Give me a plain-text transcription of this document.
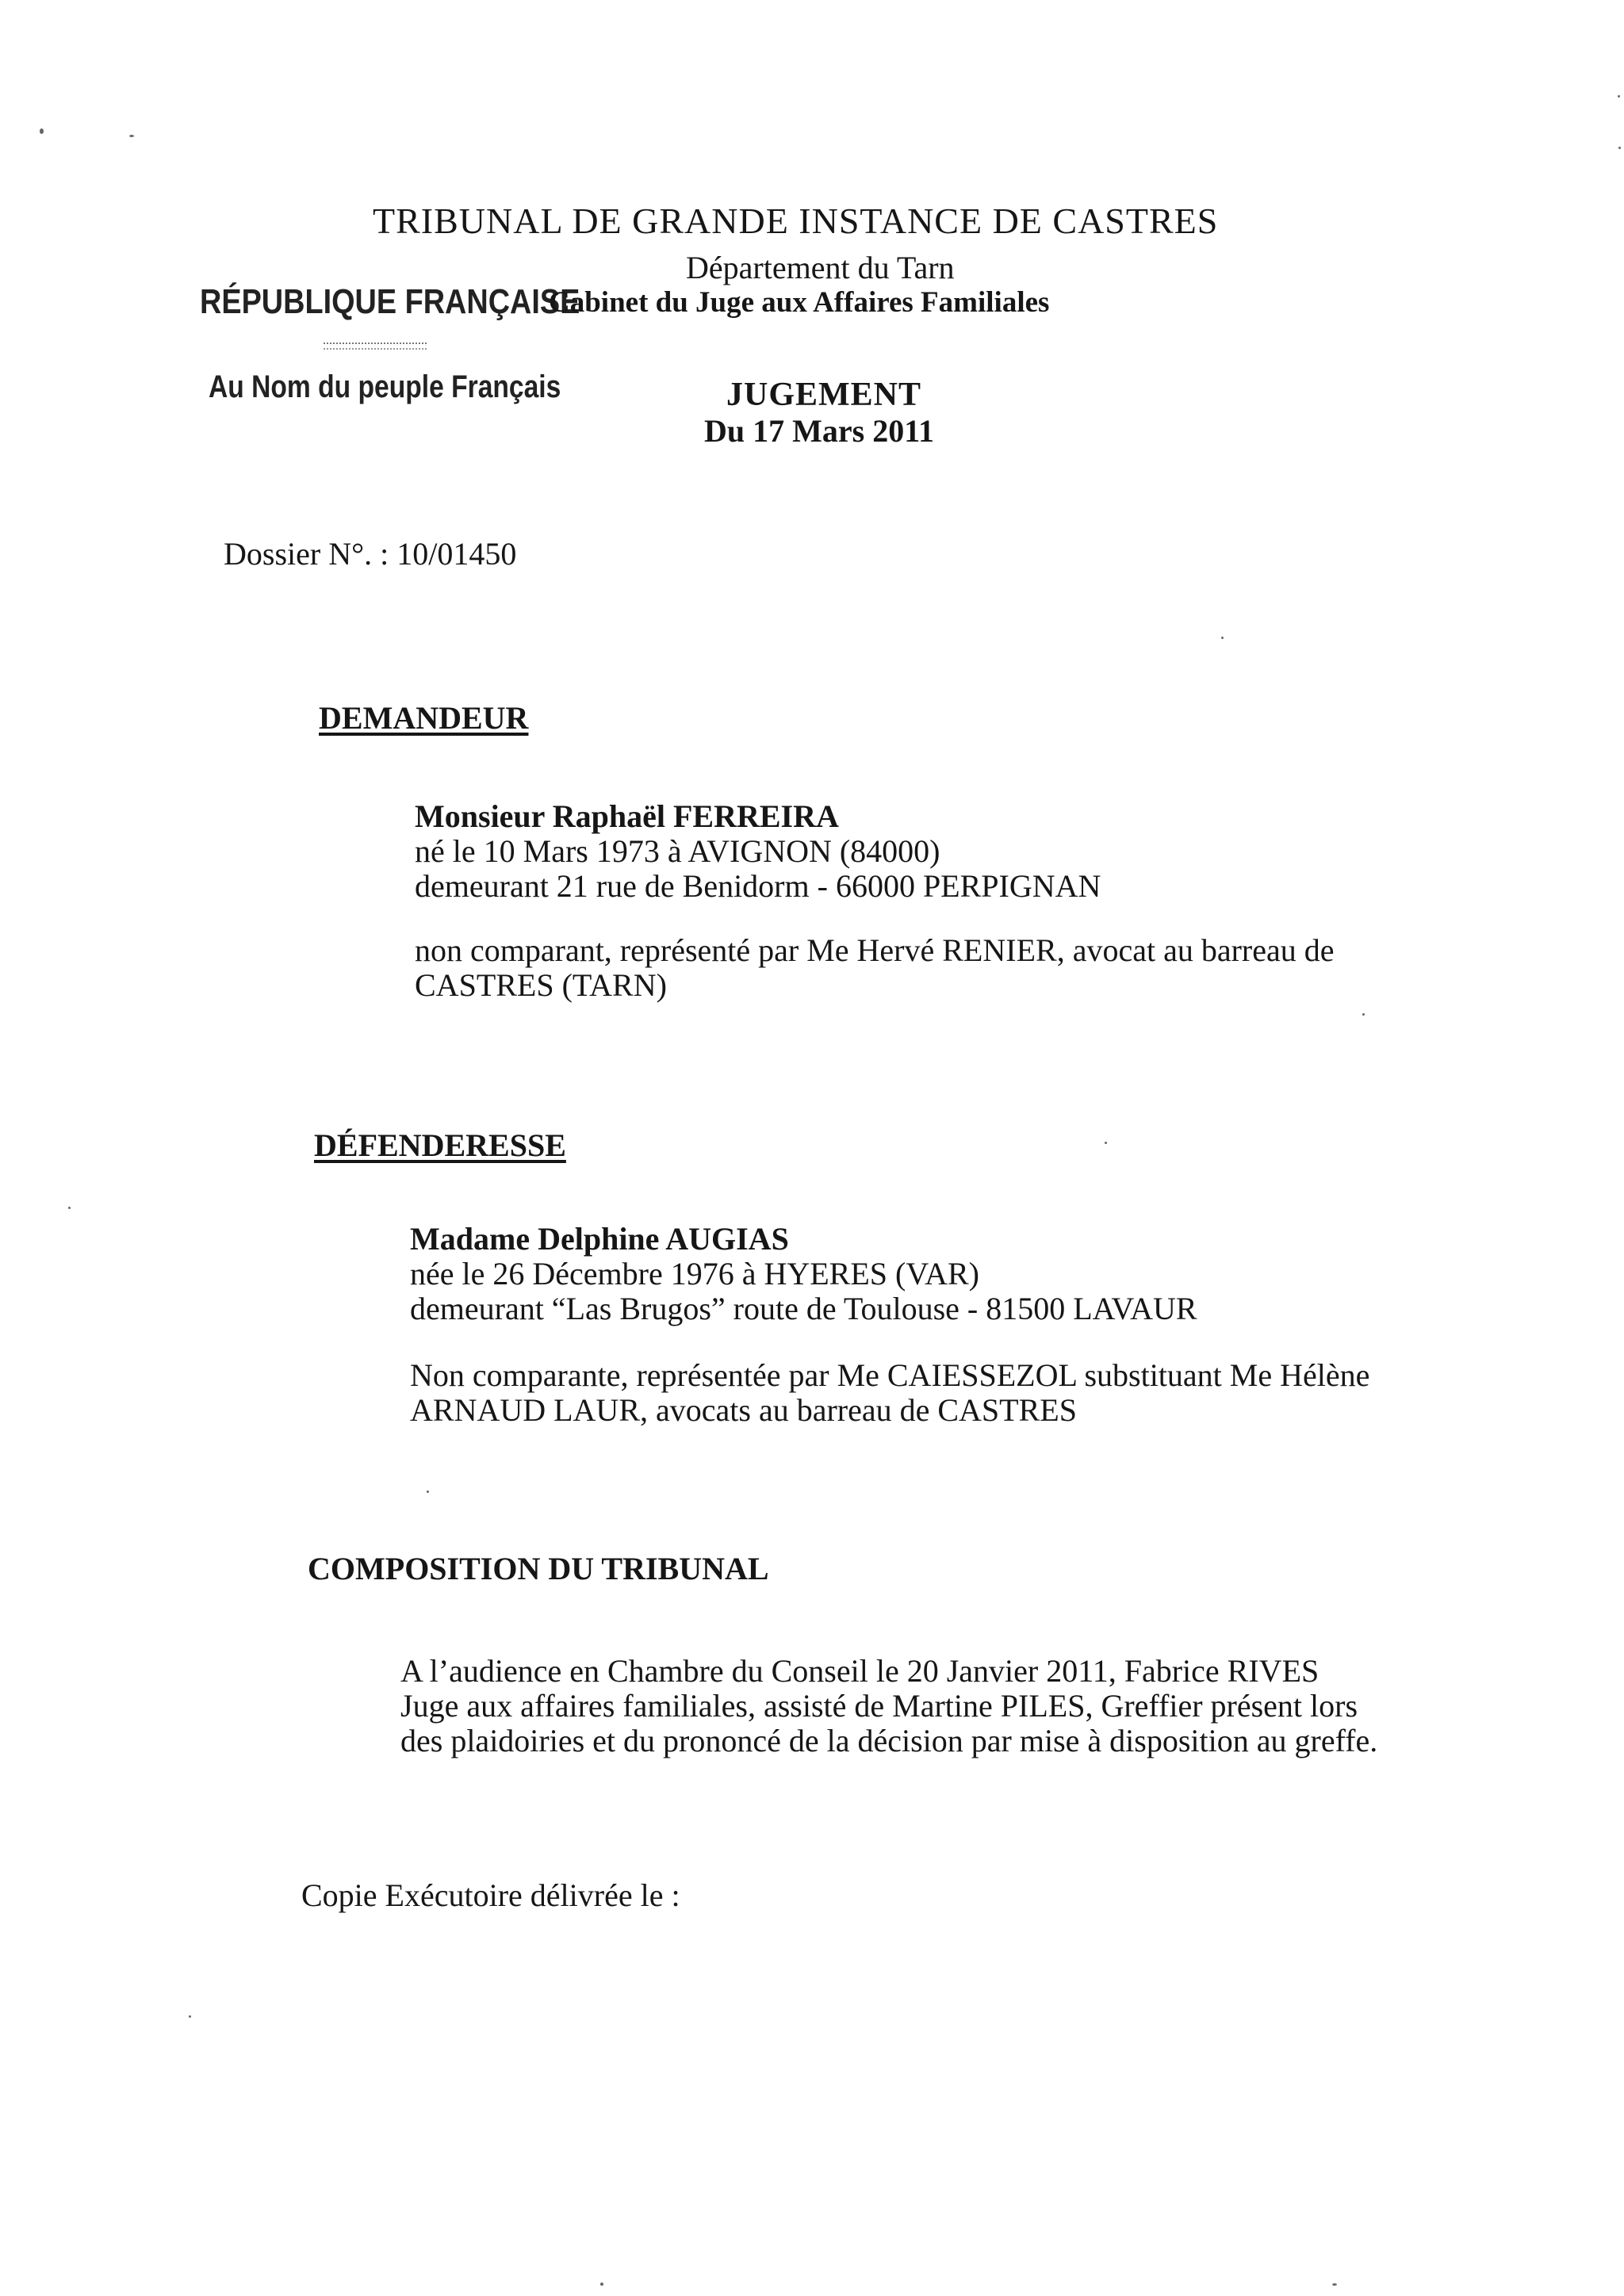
TRIBUNAL DE GRANDE INSTANCE DE CASTRES
Département du Tarn
RÉPUBLIQUE FRANÇAISE
Cabinet du Juge aux Affaires Familiales
Au Nom du peuple Français	JUGEMENT
Du 17 Mars 2011
Dossier N°. : 10/01450
DEMANDEUR
Monsieur Raphaël FERREIRA
né le 10 Mars 1973 à AVIGNON (84000)
demeurant 21 rue de Benidorm - 66000 PERPIGNAN
non comparant, représenté par Me Hervé RENIER, avocat au barreau de
CASTRES (TARN)
DÉFENDERESSE
Madame Delphine AUGIAS
née le 26 Décembre 1976 à HYERES (VAR)
demeurant “Las Brugos” route de Toulouse - 81500 LAVAUR
Non comparante, représentée par Me CAIESSEZOL substituant Me Hélène
ARNAUD LAUR, avocats au barreau de CASTRES
COMPOSITION DU TRIBUNAL
A l’audience en Chambre du Conseil le 20 Janvier 2011, Fabrice RIVES
Juge aux affaires familiales, assisté de Martine PILES, Greffier présent lors
des plaidoiries et du prononcé de la décision par mise à disposition au greffe.
Copie Exécutoire délivrée le :
